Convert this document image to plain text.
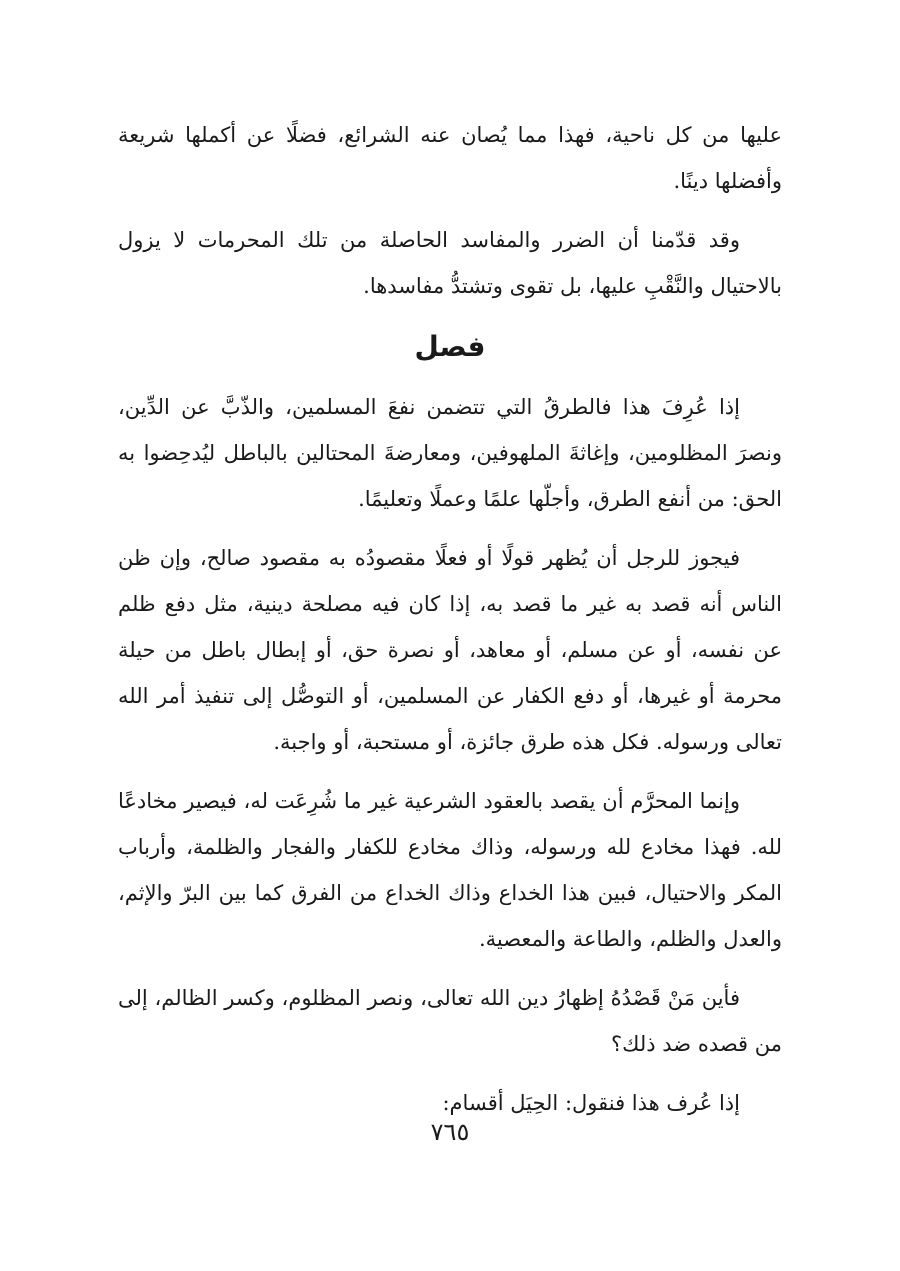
عليها من كل ناحية، فهذا مما يُصان عنه الشرائع، فضلًا عن أكملها شريعة وأفضلها دينًا.

وقد قدّمنا أن الضرر والمفاسد الحاصلة من تلك المحرمات لا يزول بالاحتيال والنَّقْبِ عليها، بل تقوى وتشتدُّ مفاسدها.

فصل

إذا عُرِفَ هذا فالطرقُ التي تتضمن نفعَ المسلمين، والذّبَّ عن الدِّين، ونصرَ المظلومين، وإغاثةَ الملهوفين، ومعارضةَ المحتالين بالباطل ليُدحِضوا به الحق: من أنفع الطرق، وأجلّها علمًا وعملًا وتعليمًا.

فيجوز للرجل أن يُظهر قولًا أو فعلًا مقصودُه به مقصود صالح، وإن ظن الناس أنه قصد به غير ما قصد به، إذا كان فيه مصلحة دينية، مثل دفع ظلم عن نفسه، أو عن مسلم، أو معاهد، أو نصرة حق، أو إبطال باطل من حيلة محرمة أو غيرها، أو دفع الكفار عن المسلمين، أو التوصُّل إلى تنفيذ أمر الله تعالى ورسوله. فكل هذه طرق جائزة، أو مستحبة، أو واجبة.

وإنما المحرَّم أن يقصد بالعقود الشرعية غير ما شُرِعَت له، فيصير مخادعًا لله. فهذا مخادع لله ورسوله، وذاك مخادع للكفار والفجار والظلمة، وأرباب المكر والاحتيال، فبين هذا الخداع وذاك الخداع من الفرق كما بين البرّ والإثم، والعدل والظلم، والطاعة والمعصية.

فأين مَنْ قَصْدُهُ إظهارُ دين الله تعالى، ونصر المظلوم، وكسر الظالم، إلى من قصده ضد ذلك؟

إذا عُرف هذا فنقول: الحِيَل أقسام:

٧٦٥
